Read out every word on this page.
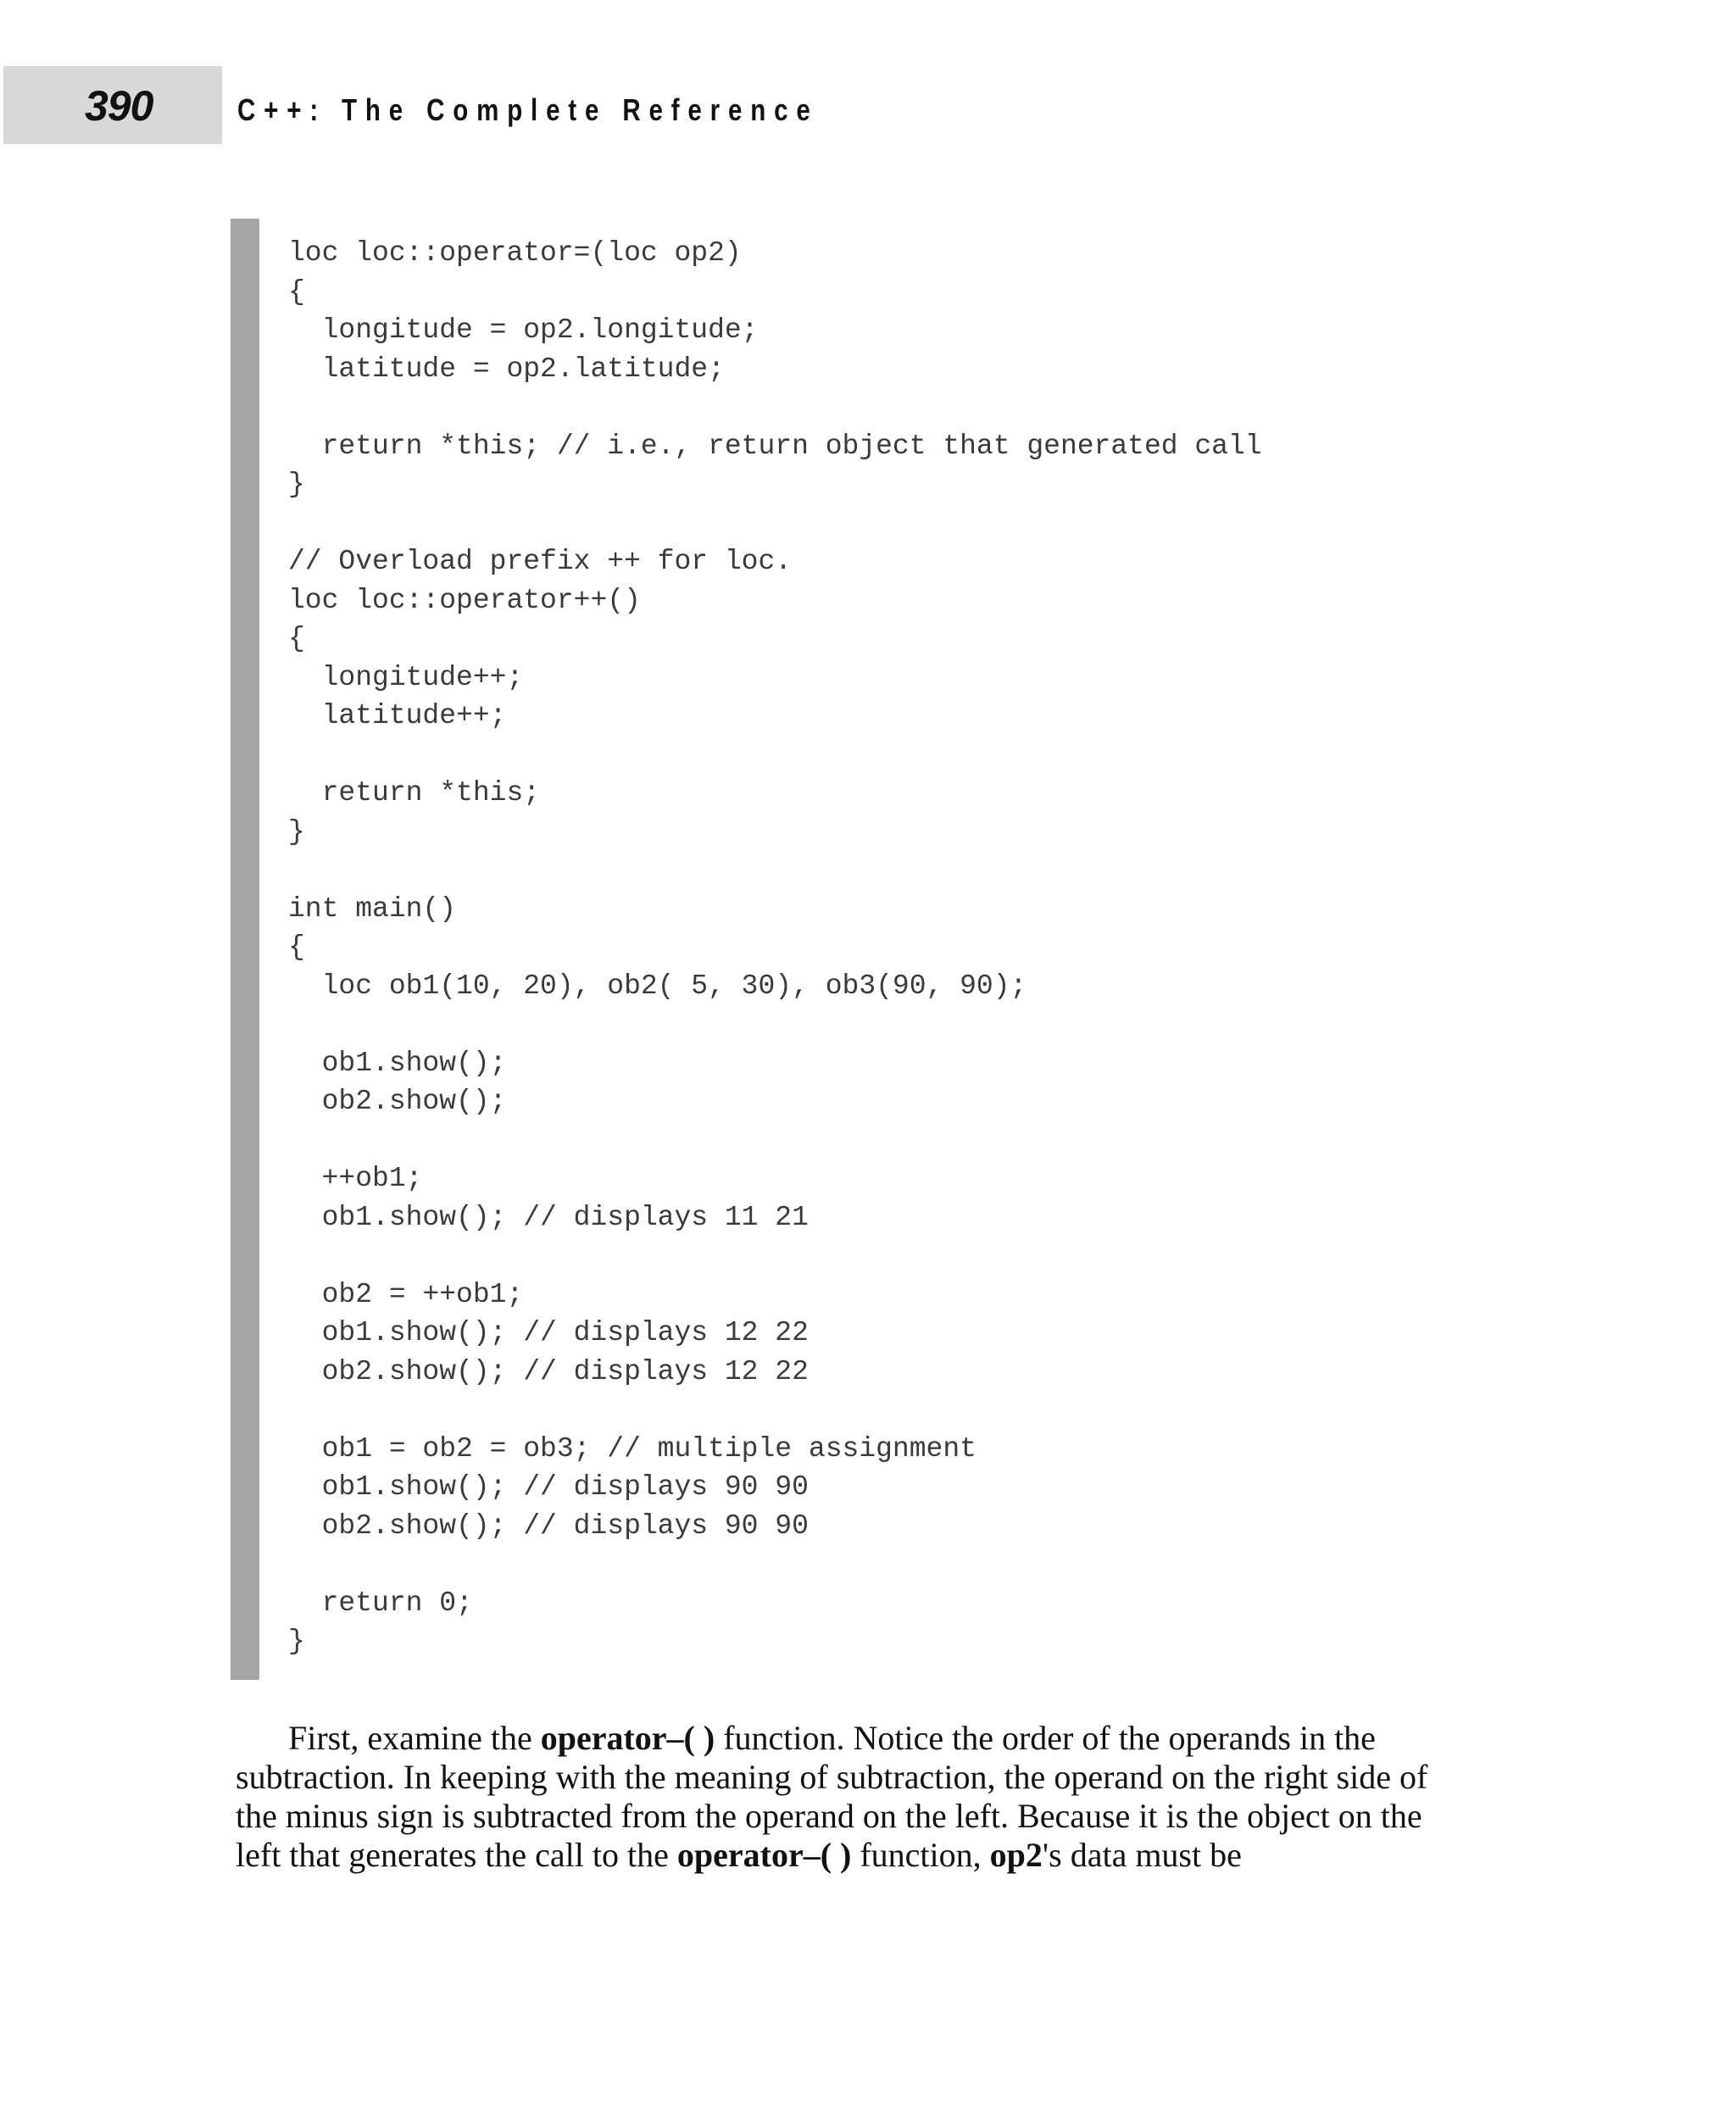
390	C++: The Complete Reference
loc loc::operator=(loc op2)
{
longitude = op2.longitude;
latitude = op2.latitude;
return *this; // i.e., return object that generated call
}
// Overload prefix ++ for loc.
loc loc::operator++()
{
longitude++;
latitude++;
return *this;
}
int main()
{
loc ob1(10, 20), ob2( 5, 30), ob3(90, 90);
ob1.show();
ob2.show();
++ob1;
ob1.show(); // displays 11 21
ob2 = ++ob1;
ob1.show(); // displays 12 22
ob2.show(); // displays 12 22
ob1 = ob2 = ob3; // multiple assignment
ob1.show(); // displays 90 90
ob2.show(); // displays 90 90
return 0;
}

First, examine the operator–( ) function. Notice the order of the operands in the subtraction. In keeping with the meaning of subtraction, the operand on the right side of the minus sign is subtracted from the operand on the left. Because it is the object on the left that generates the call to the operator–( ) function, op2's data must be
